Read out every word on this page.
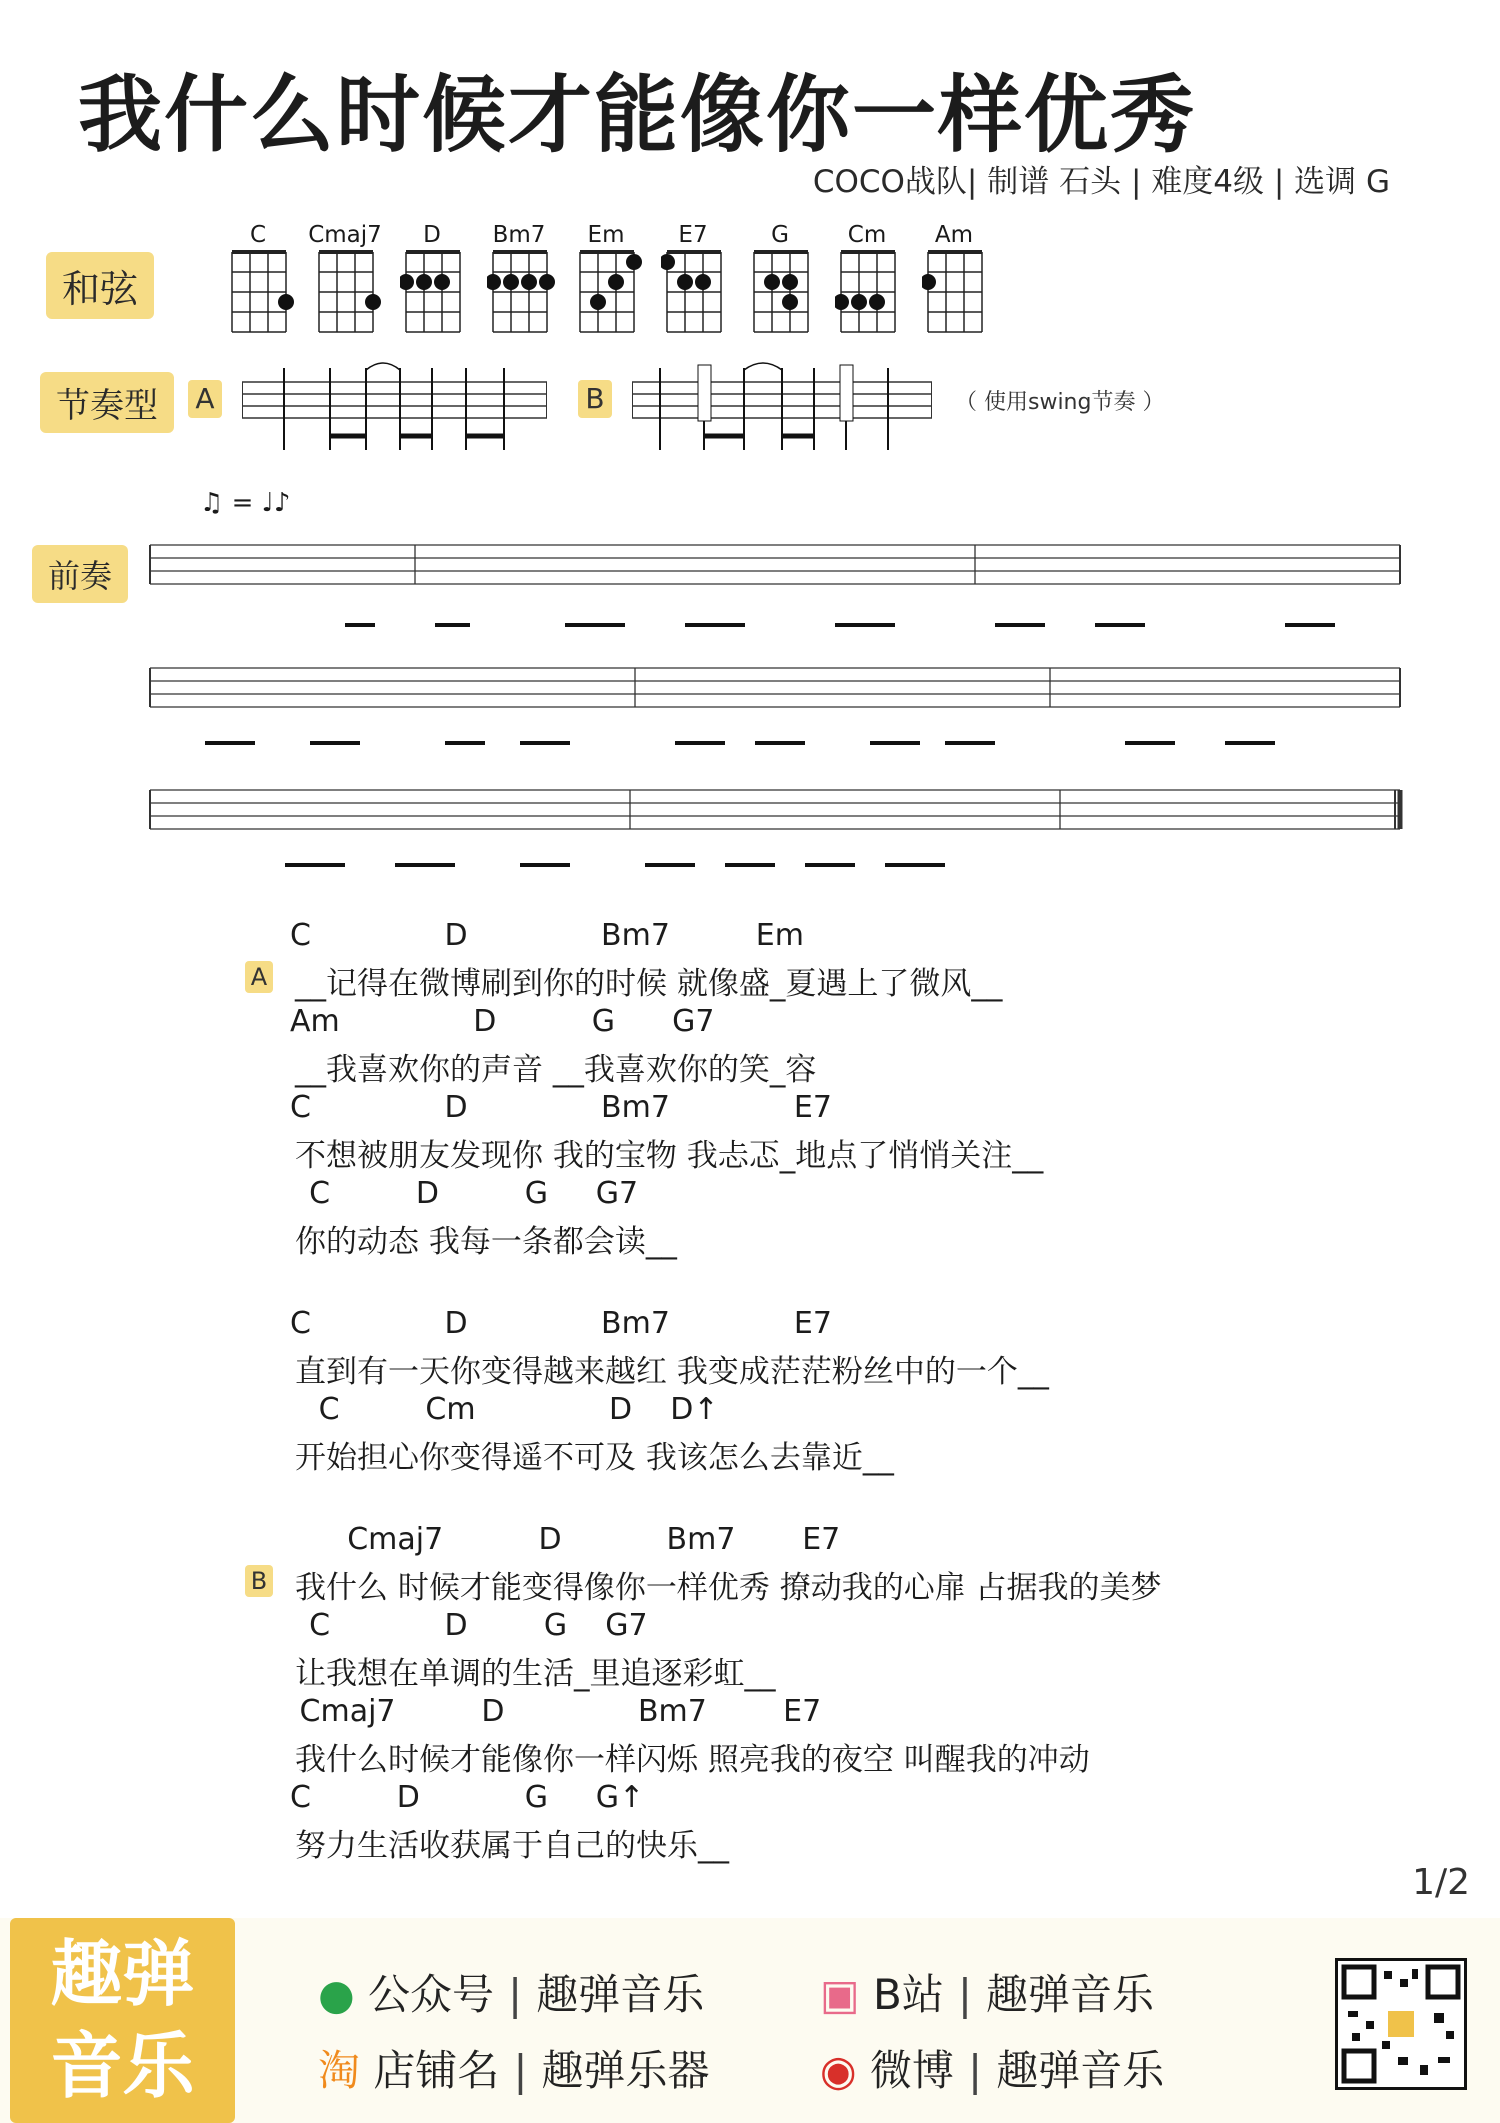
我什么时候才能像你一样优秀
COCO战队| 制谱 石头 | 难度4级 | 选调 G
和弦
C	Cmaj7	D	Bm7	Em	E7	G	Cm	Am
节奏型	A	B	（ 使用swing节奏 ）
前奏
♫ = ♩♪
A
C              D              Bm7         Em
__记得在微博刷到你的时候 就像盛_夏遇上了微风__
Am              D          G      G7
__我喜欢你的声音 __我喜欢你的笑_容
C              D              Bm7             E7
不想被朋友发现你 我的宝物 我忐忑_地点了悄悄关注__
C         D         G     G7
你的动态 我每一条都会读__
C              D              Bm7             E7
直到有一天你变得越来越红 我变成茫茫粉丝中的一个__
C         Cm              D    D↑
开始担心你变得遥不可及 我该怎么去靠近__
B
Cmaj7          D           Bm7       E7
我什么 时候才能变得像你一样优秀 撩动我的心扉 占据我的美梦
C            D        G    G7
让我想在单调的生活_里追逐彩虹__
Cmaj7         D              Bm7        E7
我什么时候才能像你一样闪烁 照亮我的夜空 叫醒我的冲动
C         D           G     G↑
努力生活收获属于自己的快乐__
1/2
趣弹
音乐
● 公众号 | 趣弹音乐
淘 店铺名 | 趣弹乐器
▣ B站 | 趣弹音乐
◉ 微博 | 趣弹音乐
